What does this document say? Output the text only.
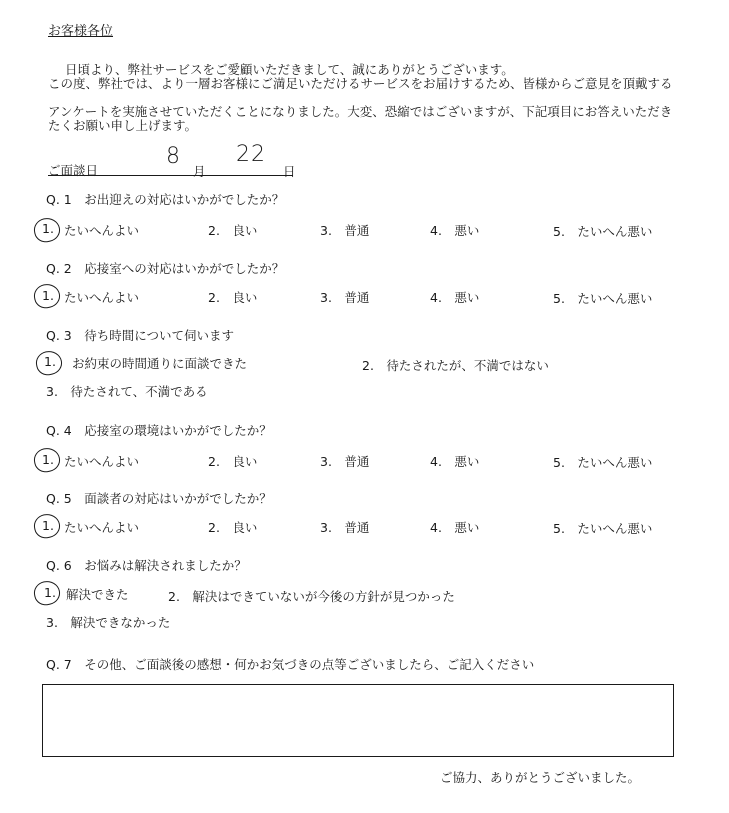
お客様各位
日頃より、弊社サービスをご愛顧いただきまして、誠にありがとうございます。
この度、弊社では、より一層お客様にご満足いただけるサービスをお届けするため、皆様からご意見を頂戴する
アンケートを実施させていただくことになりました。大変、恐縮ではございますが、下記項目にお答えいただきたくお願い申し上げます。
ご面談日
8
月
22
日
Q. 1　お出迎えの対応はいかがでしたか？
1. たいへんよい	2.　良い	3.　普通	4.　悪い	5.　たいへん悪い
Q. 2　応接室への対応はいかがでしたか？
1. たいへんよい	2.　良い	3.　普通	4.　悪い	5.　たいへん悪い
Q. 3　待ち時間について伺います
1. お約束の時間通りに面談できた	2.　待たされたが、不満ではない
3.　待たされて、不満である
Q. 4　応接室の環境はいかがでしたか？
1. たいへんよい	2.　良い	3.　普通	4.　悪い	5.　たいへん悪い
Q. 5　面談者の対応はいかがでしたか？
1. たいへんよい	2.　良い	3.　普通	4.　悪い	5.　たいへん悪い
Q. 6　お悩みは解決されましたか？
1. 解決できた	2.　解決はできていないが今後の方針が見つかった
3.　解決できなかった
Q. 7　その他、ご面談後の感想・何かお気づきの点等ございましたら、ご記入ください
ご協力、ありがとうございました。
